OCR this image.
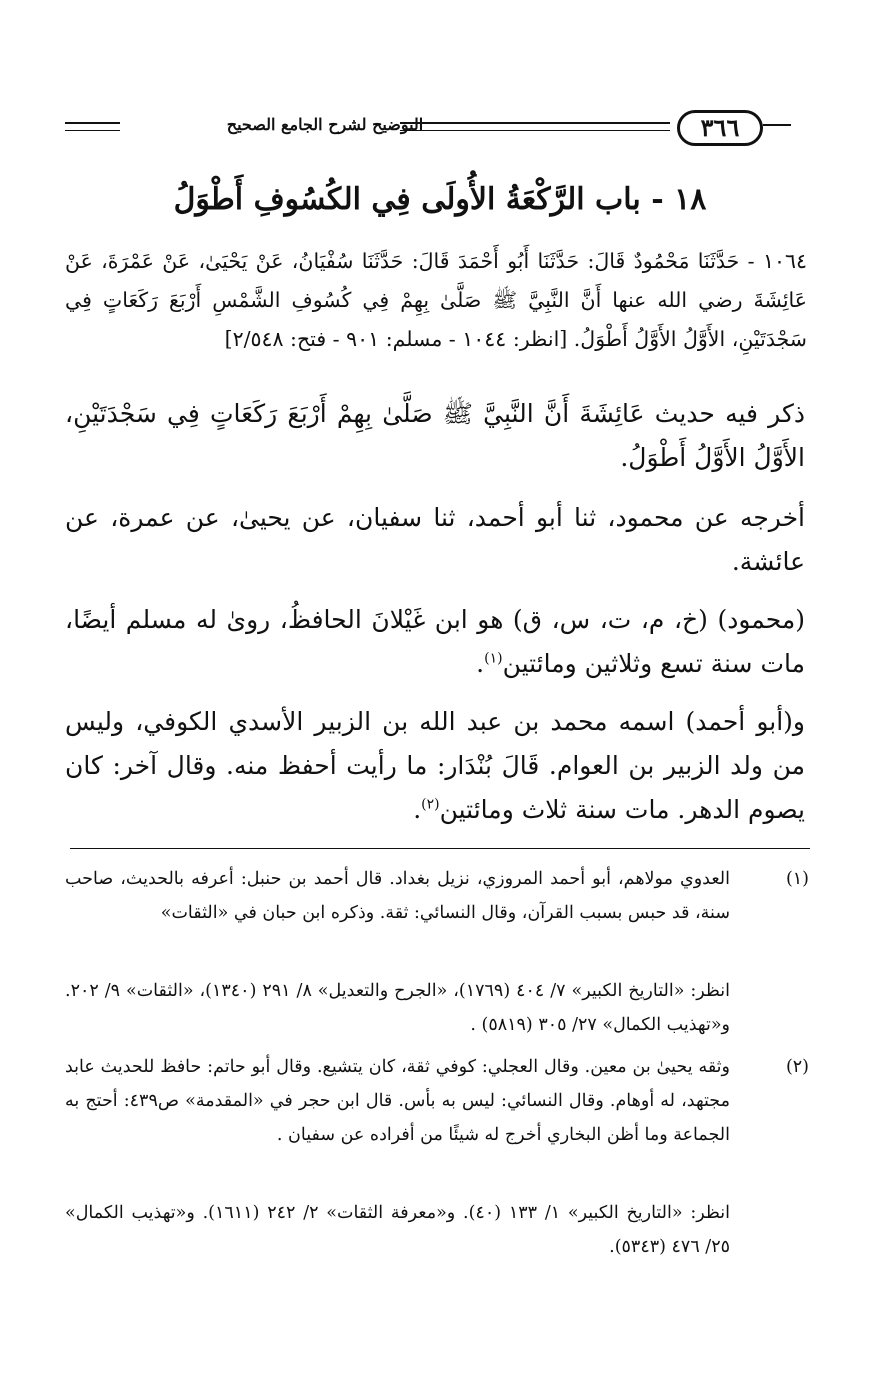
التوضيح لشرح الجامع الصحيح	٣٦٦
١٨ - باب الرَّكْعَةُ الأُولَى فِي الكُسُوفِ أَطْوَلُ
١٠٦٤ - حَدَّثَنَا مَحْمُودٌ قَالَ: حَدَّثَنَا أَبُو أَحْمَدَ قَالَ: حَدَّثَنَا سُفْيَانُ، عَنْ يَحْيَىٰ، عَنْ عَمْرَةَ، عَنْ عَائِشَةَ رضي الله عنها أَنَّ النَّبِيَّ ﷺ صَلَّىٰ بِهِمْ فِي كُسُوفِ الشَّمْسِ أَرْبَعَ رَكَعَاتٍ فِي سَجْدَتَيْنِ، الأَوَّلُ الأَوَّلُ أَطْوَلُ. [انظر: ١٠٤٤ - مسلم: ٩٠١ - فتح: ٢/٥٤٨]
ذكر فيه حديث عَائِشَةَ أَنَّ النَّبِيَّ ﷺ صَلَّىٰ بِهِمْ أَرْبَعَ رَكَعَاتٍ فِي سَجْدَتَيْنِ، الأَوَّلُ الأَوَّلُ أَطْوَلُ.
أخرجه عن محمود، ثنا أبو أحمد، ثنا سفيان، عن يحيىٰ، عن عمرة، عن عائشة.
(محمود) (خ، م، ت، س، ق) هو ابن غَيْلانَ الحافظُ، روىٰ له مسلم أيضًا، مات سنة تسع وثلاثين ومائتين$^{(١)}$.
و(أبو أحمد) اسمه محمد بن عبد الله بن الزبير الأسدي الكوفي، وليس من ولد الزبير بن العوام. قَالَ بُنْدَار: ما رأيت أحفظ منه. وقال آخر: كان يصوم الدهر. مات سنة ثلاث ومائتين$^{(٢)}$.
(١)
العدوي مولاهم، أبو أحمد المروزي، نزيل بغداد. قال أحمد بن حنبل: أعرفه بالحديث، صاحب سنة، قد حبس بسبب القرآن، وقال النسائي: ثقة. وذكره ابن حبان في «الثقات»
انظر: «التاريخ الكبير» ٧/ ٤٠٤ (١٧٦٩)، «الجرح والتعديل» ٨/ ٢٩١ (١٣٤٠)، «الثقات» ٩/ ٢٠٢. و«تهذيب الكمال» ٢٧/ ٣٠٥ (٥٨١٩) .
(٢)
وثقه يحيىٰ بن معين. وقال العجلي: كوفي ثقة، كان يتشيع. وقال أبو حاتم: حافظ للحديث عابد مجتهد، له أوهام. وقال النسائي: ليس به بأس. قال ابن حجر في «المقدمة» ص٤٣٩: أحتج به الجماعة وما أظن البخاري أخرج له شيئًا من أفراده عن سفيان .
انظر: «التاريخ الكبير» ١/ ١٣٣ (٤٠). و«معرفة الثقات» ٢/ ٢٤٢ (١٦١١). و«تهذيب الكمال» ٢٥/ ٤٧٦ (٥٣٤٣).
